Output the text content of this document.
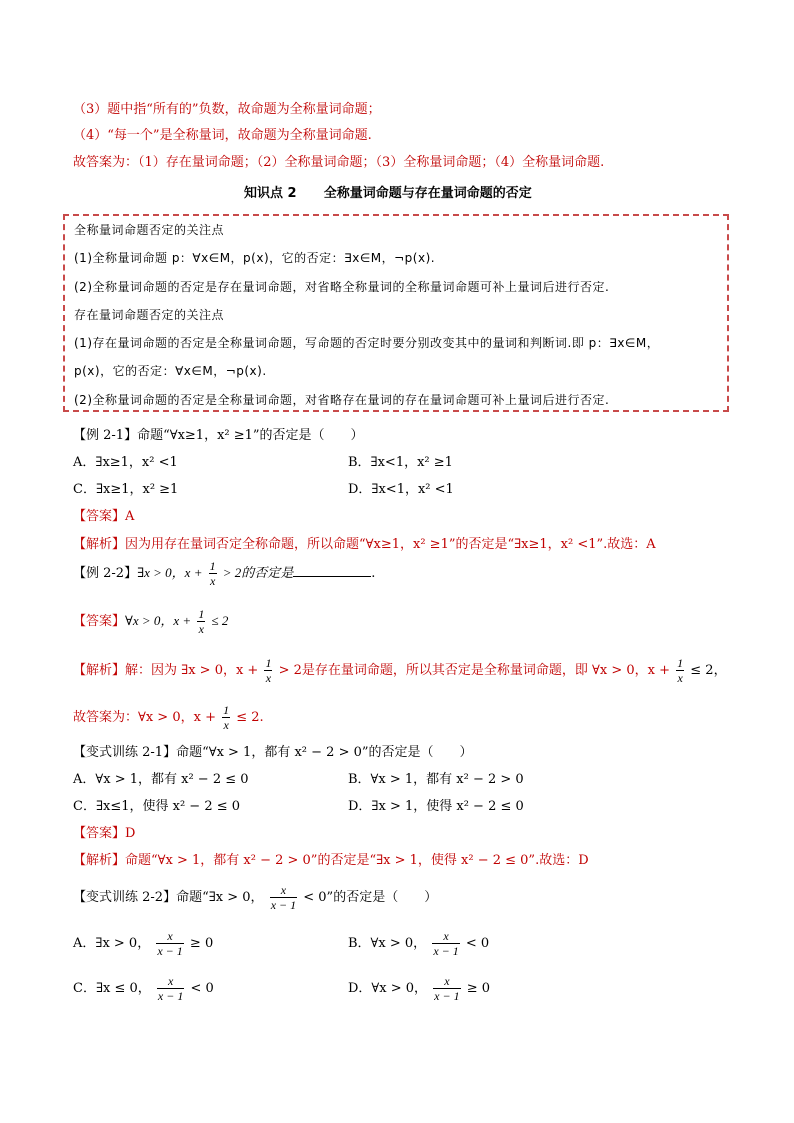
（3）题中指“所有的”负数，故命题为全称量词命题；
（4）“每一个”是全称量词，故命题为全称量词命题.
故答案为：（1）存在量词命题；（2）全称量词命题；（3）全称量词命题；（4）全称量词命题.
知识点 2 全称量词命题与存在量词命题的否定
全称量词命题否定的关注点
(1)全称量词命题 p：∀x∈M，p(x)，它的否定：∃x∈M，¬p(x).
(2)全称量词命题的否定是存在量词命题，对省略全称量词的全称量词命题可补上量词后进行否定.
存在量词命题否定的关注点
(1)存在量词命题的否定是全称量词命题，写命题的否定时要分别改变其中的量词和判断词.即 p：∃x∈M，
p(x)，它的否定：∀x∈M，¬p(x).
(2)全称量词命题的否定是全称量词命题，对省略存在量词的存在量词命题可补上量词后进行否定.
【例 2-1】命题“∀x≥1，x² ≥1”的否定是（　　）
A．∃x≥1，x² <1	B．∃x<1，x² ≥1
C．∃x≥1，x² ≥1	D．∃x<1，x² <1
【答案】A
【解析】因为用存在量词否定全称命题，所以命题“∀x≥1，x² ≥1”的否定是“∃x≥1，x² <1”.故选：A
【例 2-2】∃x > 0，$x + \frac{1}{x} > 2$的否定是	.
【答案】∀x > 0，$x + \frac{1}{x} \le 2$
【解析】解：因为 ∃x > 0，$x + \frac{1}{x} > 2$是存在量词命题，所以其否定是全称量词命题，即 ∀x > 0，$x + \frac{1}{x} \le 2$，
故答案为：∀x > 0，$x + \frac{1}{x} \le 2$.
【变式训练 2-1】命题“∀x > 1，都有 x² − 2 > 0”的否定是（　　）
A．∀x > 1，都有 x² − 2 ≤ 0	B．∀x > 1，都有 x² − 2 > 0
C．∃x≤1，使得 x² − 2 ≤ 0	D．∃x > 1，使得 x² − 2 ≤ 0
【答案】D
【解析】命题“∀x > 1，都有 x² − 2 > 0”的否定是“∃x > 1，使得 x² − 2 ≤ 0”.故选：D
【变式训练 2-2】命题“∃x > 0， $\frac{x}{x - 1} < 0$”的否定是（　　）
A．∃x > 0， $\frac{x}{x - 1} \ge 0$	B．∀x > 0， $\frac{x}{x - 1} < 0$
C．∃x ≤ 0， $\frac{x}{x - 1} < 0$	D．∀x > 0， $\frac{x}{x - 1} \ge 0$
